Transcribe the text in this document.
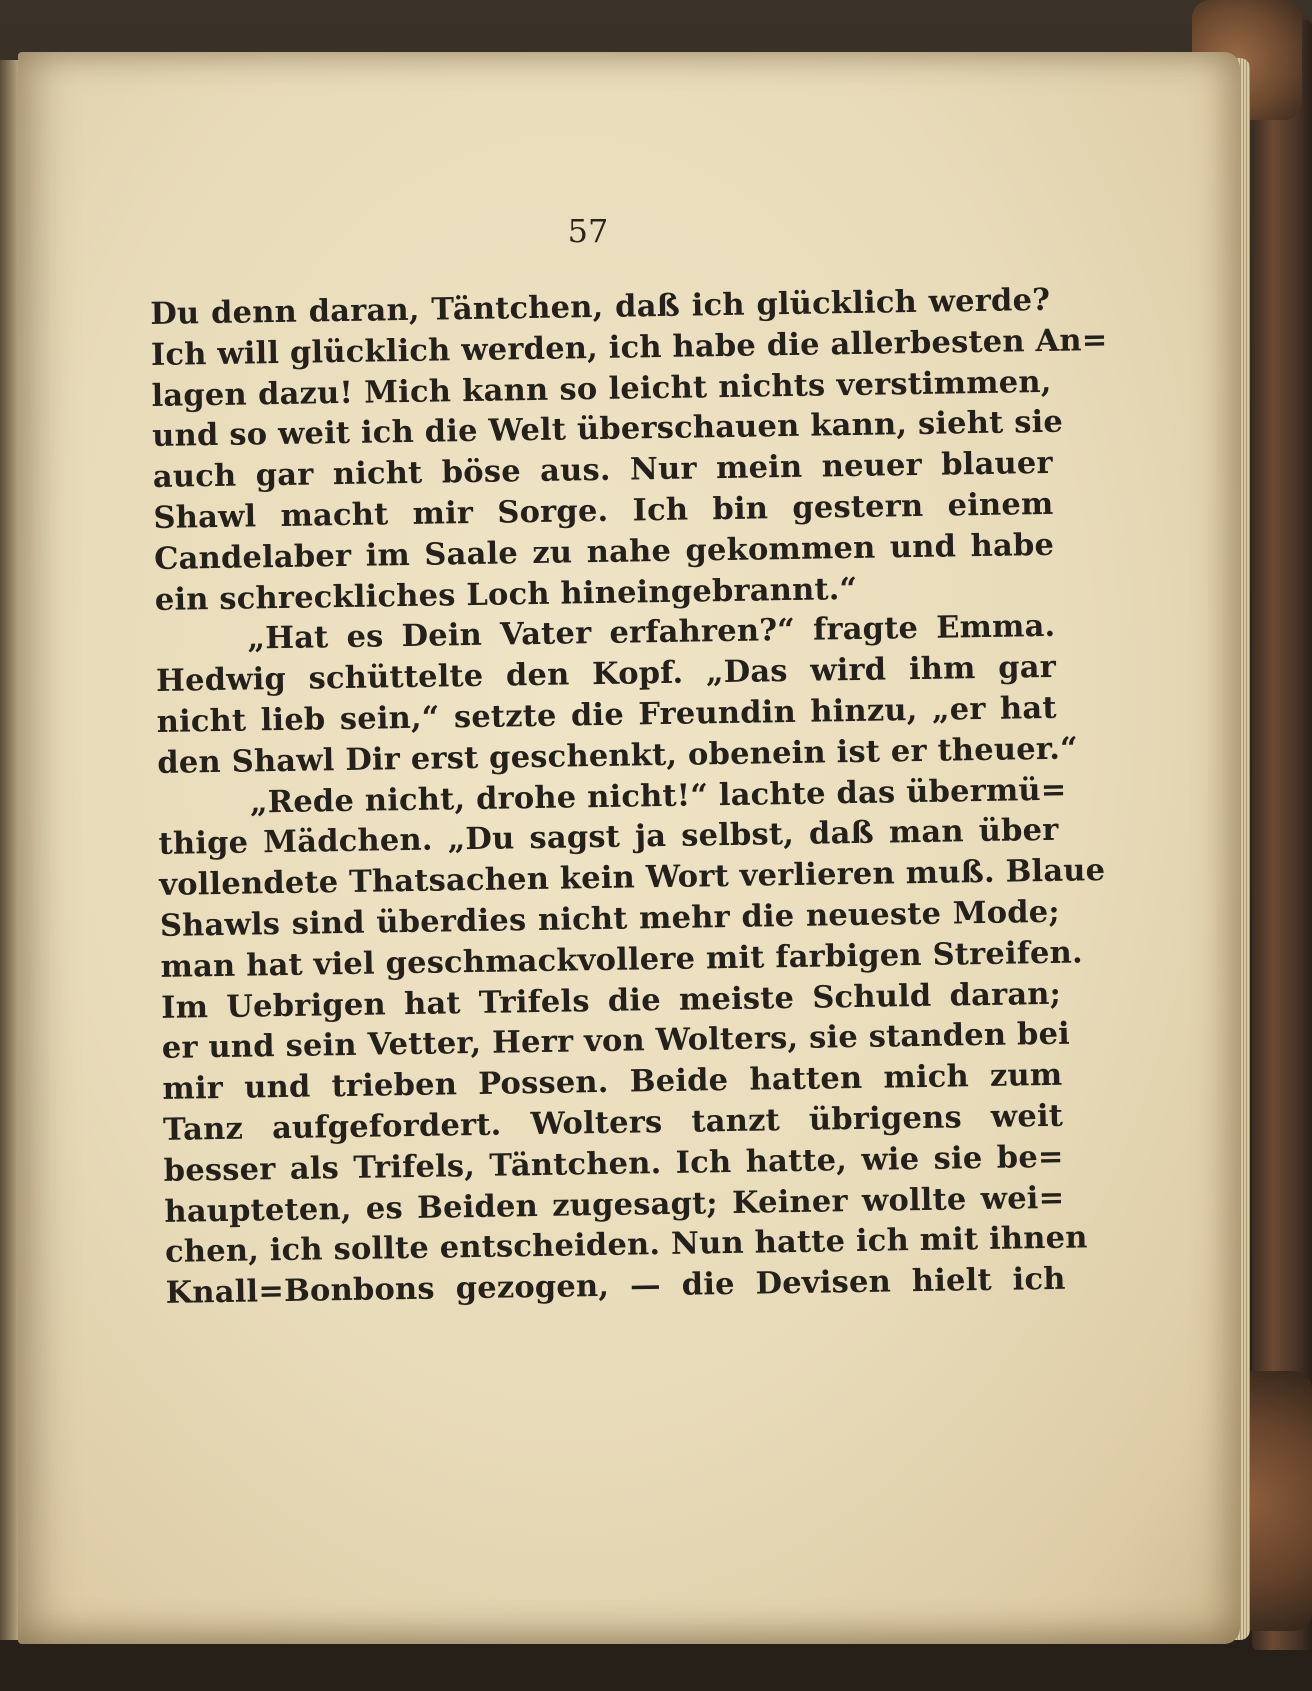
57
Du denn daran, Täntchen, daß ich glücklich werde?
Ich will glücklich werden, ich habe die allerbesten An=
lagen dazu! Mich kann so leicht nichts verstimmen,
und so weit ich die Welt überschauen kann, sieht sie
auch gar nicht böse aus. Nur mein neuer blauer
Shawl macht mir Sorge. Ich bin gestern einem
Candelaber im Saale zu nahe gekommen und habe
ein schreckliches Loch hineingebrannt.“
„Hat es Dein Vater erfahren?“ fragte Emma.
Hedwig schüttelte den Kopf. „Das wird ihm gar
nicht lieb sein,“ setzte die Freundin hinzu, „er hat
den Shawl Dir erst geschenkt, obenein ist er theuer.“
„Rede nicht, drohe nicht!“ lachte das übermü=
thige Mädchen. „Du sagst ja selbst, daß man über
vollendete Thatsachen kein Wort verlieren muß. Blaue
Shawls sind überdies nicht mehr die neueste Mode;
man hat viel geschmackvollere mit farbigen Streifen.
Im Uebrigen hat Trifels die meiste Schuld daran;
er und sein Vetter, Herr von Wolters, sie standen bei
mir und trieben Possen. Beide hatten mich zum
Tanz aufgefordert. Wolters tanzt übrigens weit
besser als Trifels, Täntchen. Ich hatte, wie sie be=
haupteten, es Beiden zugesagt; Keiner wollte wei=
chen, ich sollte entscheiden. Nun hatte ich mit ihnen
Knall=Bonbons gezogen, — die Devisen hielt ich
